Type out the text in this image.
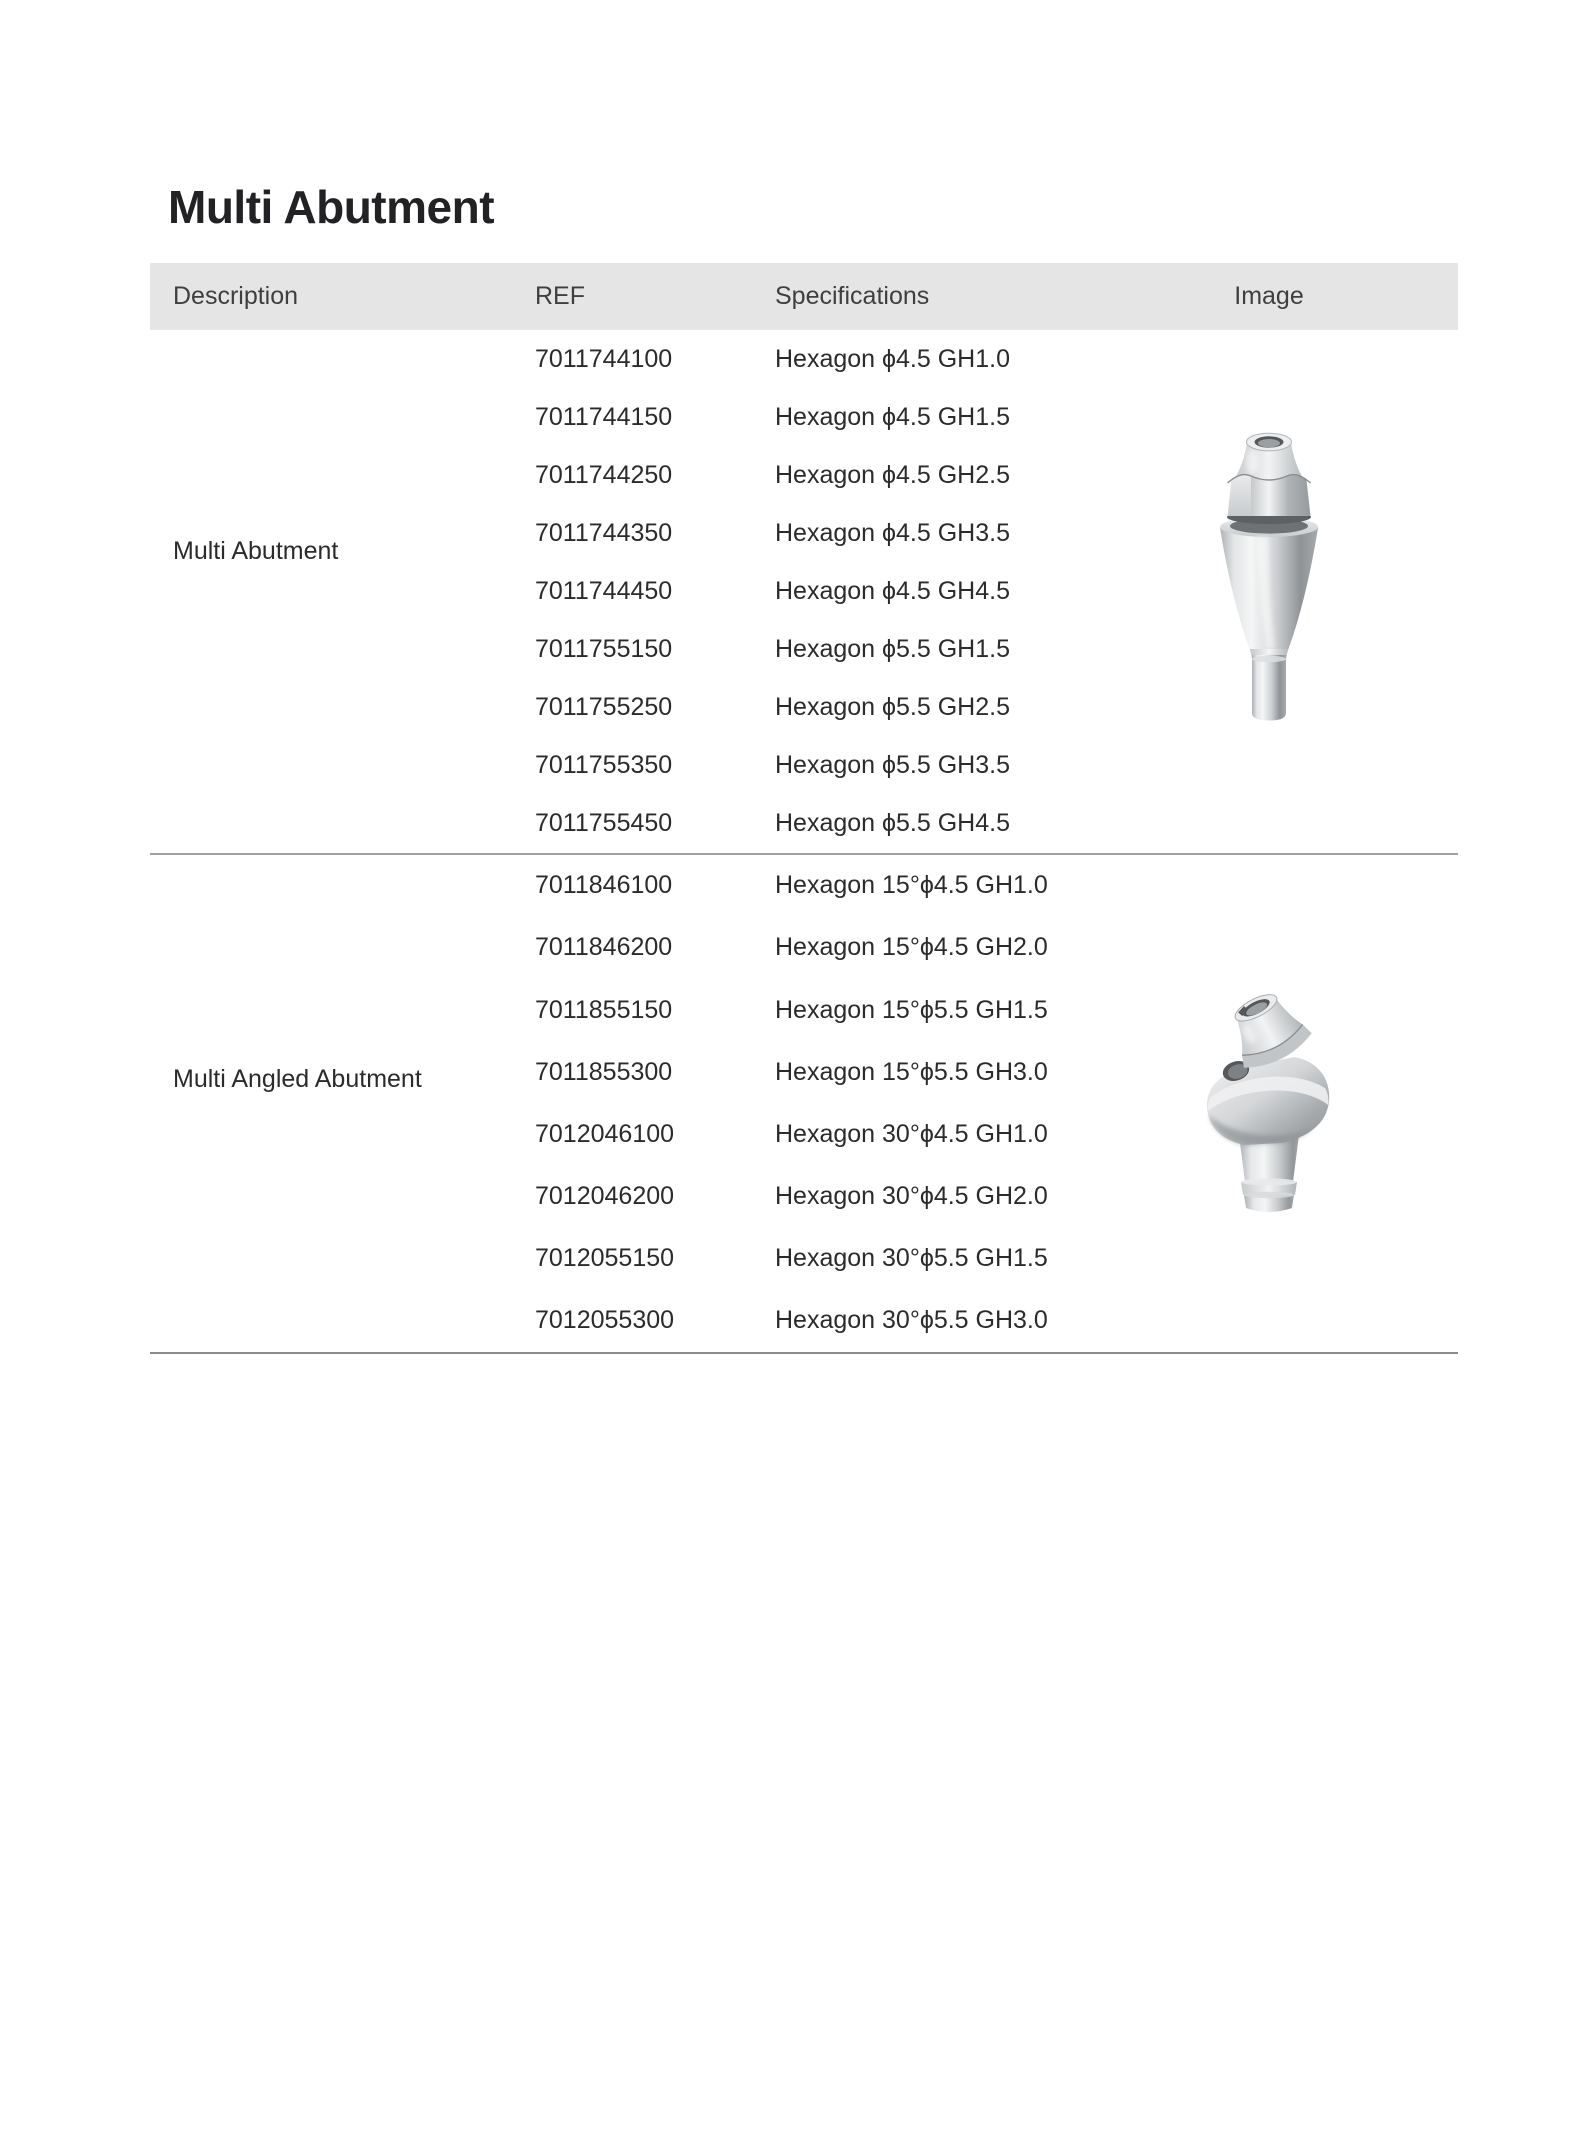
Multi Abutment
Description	REF	Specifications	Image
Multi Abutment
7011744100	Hexagon ϕ4.5 GH1.0
7011744150	Hexagon ϕ4.5 GH1.5
7011744250	Hexagon ϕ4.5 GH2.5
7011744350	Hexagon ϕ4.5 GH3.5
7011744450	Hexagon ϕ4.5 GH4.5
7011755150	Hexagon ϕ5.5 GH1.5
7011755250	Hexagon ϕ5.5 GH2.5
7011755350	Hexagon ϕ5.5 GH3.5
7011755450	Hexagon ϕ5.5 GH4.5
Multi Angled Abutment
7011846100	Hexagon 15°ϕ4.5 GH1.0
7011846200	Hexagon 15°ϕ4.5 GH2.0
7011855150	Hexagon 15°ϕ5.5 GH1.5
7011855300	Hexagon 15°ϕ5.5 GH3.0
7012046100	Hexagon 30°ϕ4.5 GH1.0
7012046200	Hexagon 30°ϕ4.5 GH2.0
7012055150	Hexagon 30°ϕ5.5 GH1.5
7012055300	Hexagon 30°ϕ5.5 GH3.0
